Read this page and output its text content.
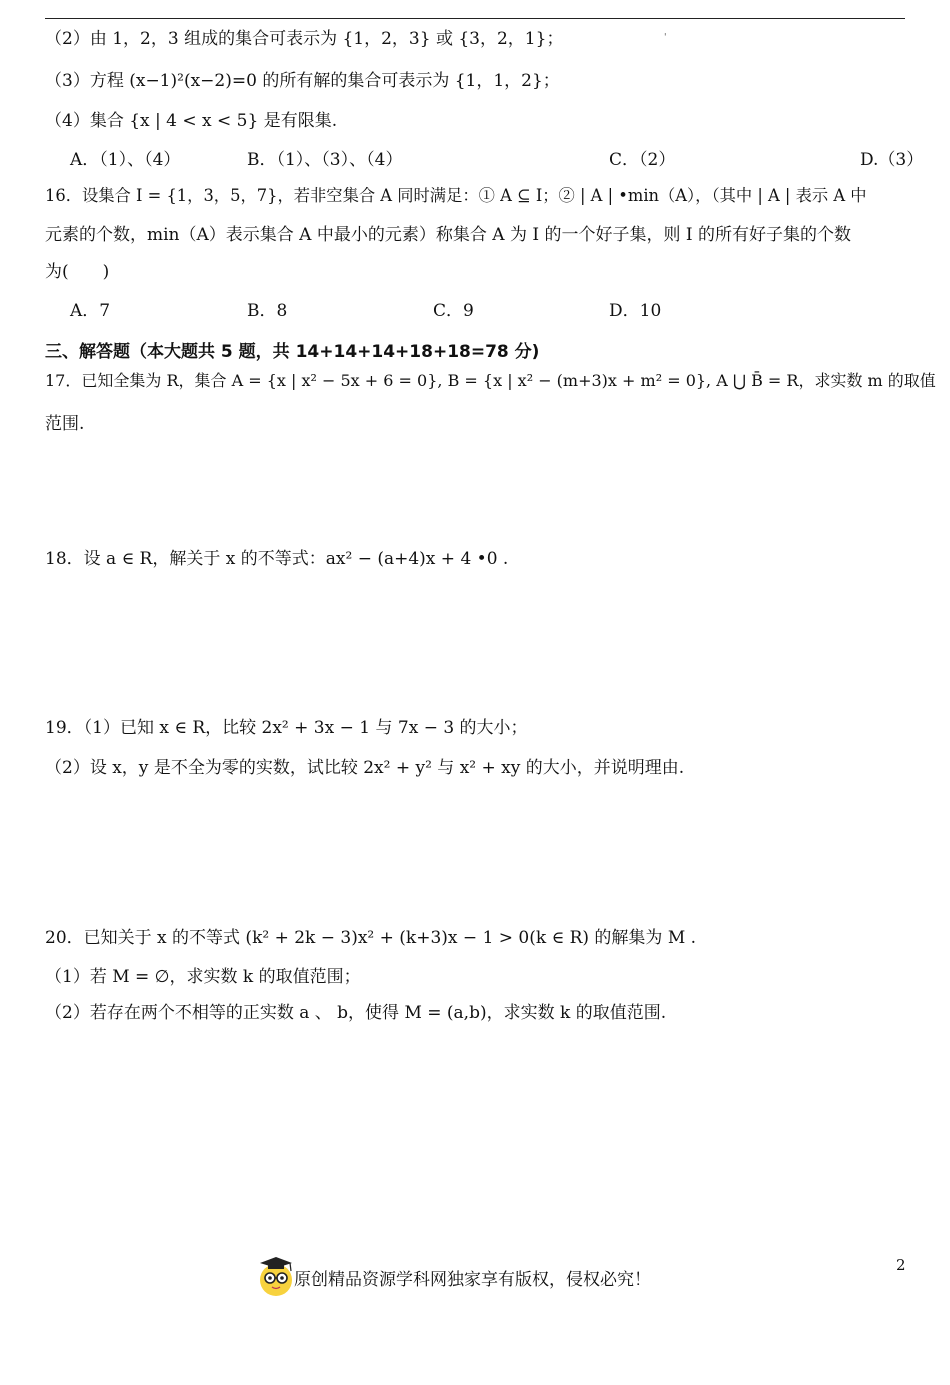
'
（2）由 1，2，3 组成的集合可表示为 {1，2，3} 或 {3，2，1}；
（3）方程 (x−1)²(x−2)=0 的所有解的集合可表示为 {1，1，2}；
（4）集合 {x | 4 < x < 5} 是有限集.
A．（1）、（4）	B．（1）、（3）、（4）	C．（2）	D.（3）
16．设集合 I = {1，3，5，7}，若非空集合 A 同时满足：① A ⊆ I；② | A | •min（A），（其中 | A | 表示 A 中
元素的个数，min（A）表示集合 A 中最小的元素）称集合 A 为 I 的一个好子集，则 I 的所有好子集的个数
为(　　)
A．7	B．8	C．9	D．10
三、解答题（本大题共 5 题，共 14+14+14+18+18=78 分)
17．已知全集为 R，集合 A = {x | x² − 5x + 6 = 0}, B = {x | x² − (m+3)x + m² = 0}, A ⋃ B̄ = R，求实数 m 的取值
范围.
18．设 a ∈ R，解关于 x 的不等式：ax² − (a+4)x + 4 •0 .
19．（1）已知 x ∈ R，比较 2x² + 3x − 1 与 7x − 3 的大小；
（2）设 x，y 是不全为零的实数，试比较 2x² + y² 与 x² + xy 的大小，并说明理由.
20．已知关于 x 的不等式 (k² + 2k − 3)x² + (k+3)x − 1 > 0(k ∈ R) 的解集为 M .
（1）若 M = ∅，求实数 k 的取值范围；
（2）若存在两个不相等的正实数 a 、 b，使得 M = (a,b)，求实数 k 的取值范围.
2
原创精品资源学科网独家享有版权，侵权必究！
